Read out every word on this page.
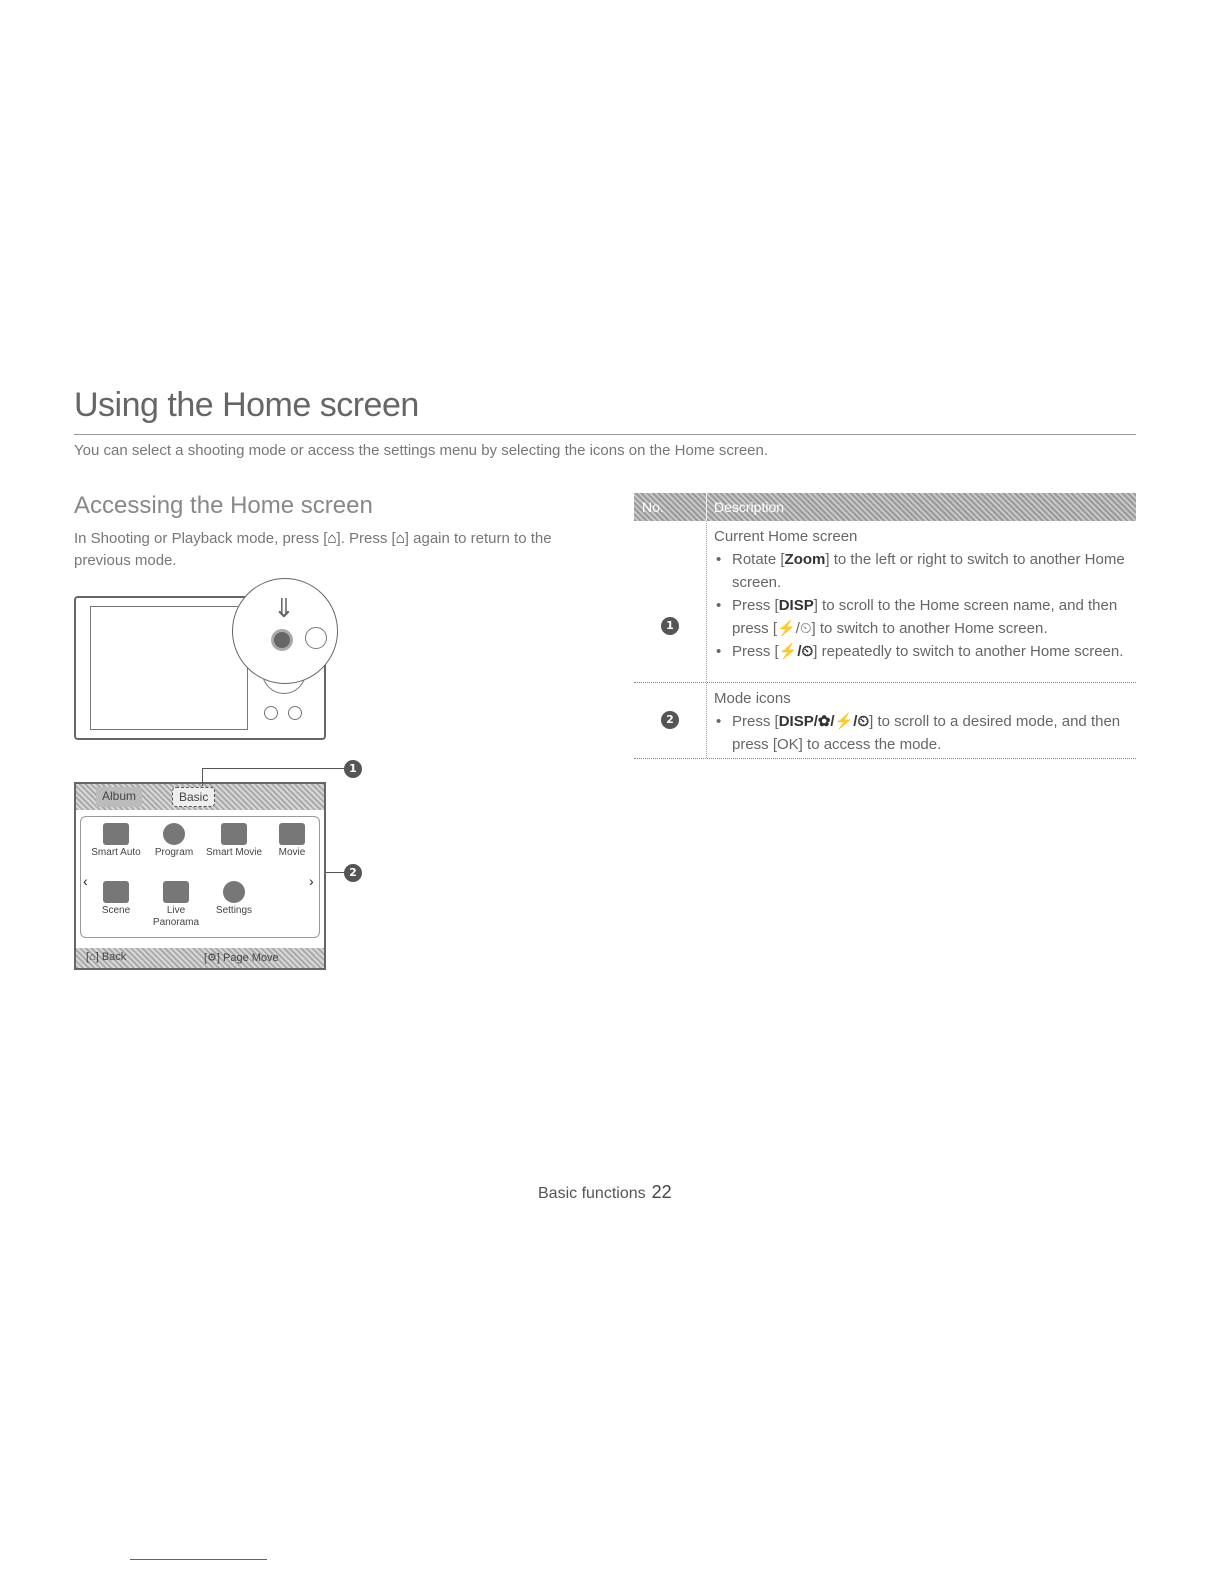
Using the Home screen
You can select a shooting mode or access the settings menu by selecting the icons on the Home screen.
Accessing the Home screen
In Shooting or Playback mode, press [⌂]. Press [⌂] again to return to the previous mode.
⇓
Album	Basic
Smart Auto	Program	Smart Movie	Movie
Scene	Live Panorama
Settings
‹	›
[⌂] Back	[⚙] Page Move
1
2
No.	Description
1
Current Home screen
• Rotate [Zoom] to the left or right to switch to another Home screen.
• Press [DISP] to scroll to the Home screen name, and then press [⚡/⏲] to switch to another Home screen.
• Press [⚡/⏲] repeatedly to switch to another Home screen.
2
Mode icons
• Press [DISP/✿/⚡/⏲] to scroll to a desired mode, and then press [OK] to access the mode.
Basic functions 22
